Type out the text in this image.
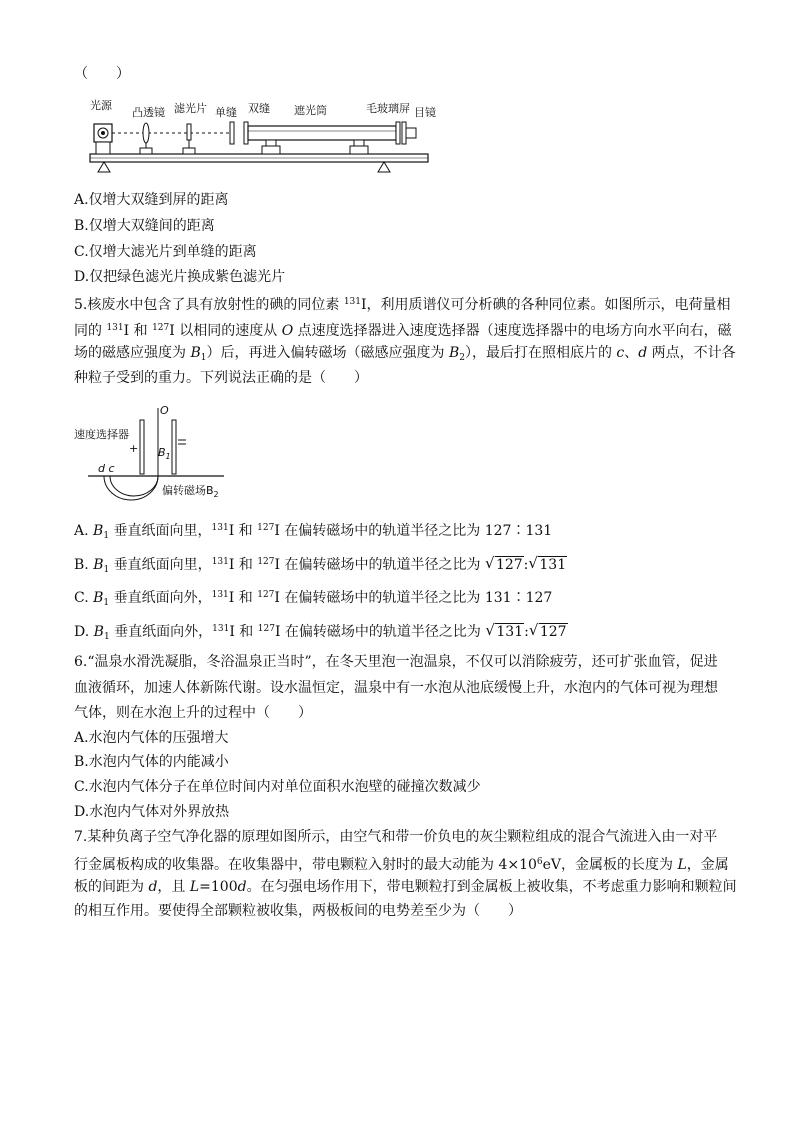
（　　）
光源
凸透镜 滤光片 单缝 双缝 遮光筒	毛玻璃屏 目镜
A.仅增大双缝到屏的距离
B.仅增大双缝间的距离
C.仅增大滤光片到单缝的距离
D.仅把绿色滤光片换成紫色滤光片
5.核废水中包含了具有放射性的碘的同位素 $^{131}$I，利用质谱仪可分析碘的各种同位素。如图所示，电荷量相
同的 $^{131}$I 和 $^{127}$I 以相同的速度从 O 点速度选择器进入速度选择器（速度选择器中的电场方向水平向右，磁
场的磁感应强度为 $B_1$）后，再进入偏转磁场（磁感应强度为 $B_2$），最后打在照相底片的 c、d 两点，不计各
种粒子受到的重力。下列说法正确的是（　　）
速度选择器
O
+ $B_1$
d c
偏转磁场$B_2$
A. $B_1$ 垂直纸面向里，$^{131}$I 和 $^{127}$I 在偏转磁场中的轨道半径之比为 127∶131
B. $B_1$ 垂直纸面向里，$^{131}$I 和 $^{127}$I 在偏转磁场中的轨道半径之比为 √ 127: √ 131
C. $B_1$ 垂直纸面向外，$^{131}$I 和 $^{127}$I 在偏转磁场中的轨道半径之比为 131∶127
D. $B_1$ 垂直纸面向外，$^{131}$I 和 $^{127}$I 在偏转磁场中的轨道半径之比为 √ 131: √ 127
6.“温泉水滑洗凝脂，冬浴温泉正当时”，在冬天里泡一泡温泉，不仅可以消除疲劳，还可扩张血管，促进
血液循环，加速人体新陈代谢。设水温恒定，温泉中有一水泡从池底缓慢上升，水泡内的气体可视为理想
气体，则在水泡上升的过程中（　　）
A.水泡内气体的压强增大
B.水泡内气体的内能减小
C.水泡内气体分子在单位时间内对单位面积水泡壁的碰撞次数减少
D.水泡内气体对外界放热
7.某种负离子空气净化器的原理如图所示，由空气和带一价负电的灰尘颗粒组成的混合气流进入由一对平
行金属板构成的收集器。在收集器中，带电颗粒入射时的最大动能为 $4\times 10^6eV$，金属板的长度为 L，金属
板的间距为 d，且 L=100d。在匀强电场作用下，带电颗粒打到金属板上被收集，不考虑重力影响和颗粒间
的相互作用。要使得全部颗粒被收集，两极板间的电势差至少为（　　）
